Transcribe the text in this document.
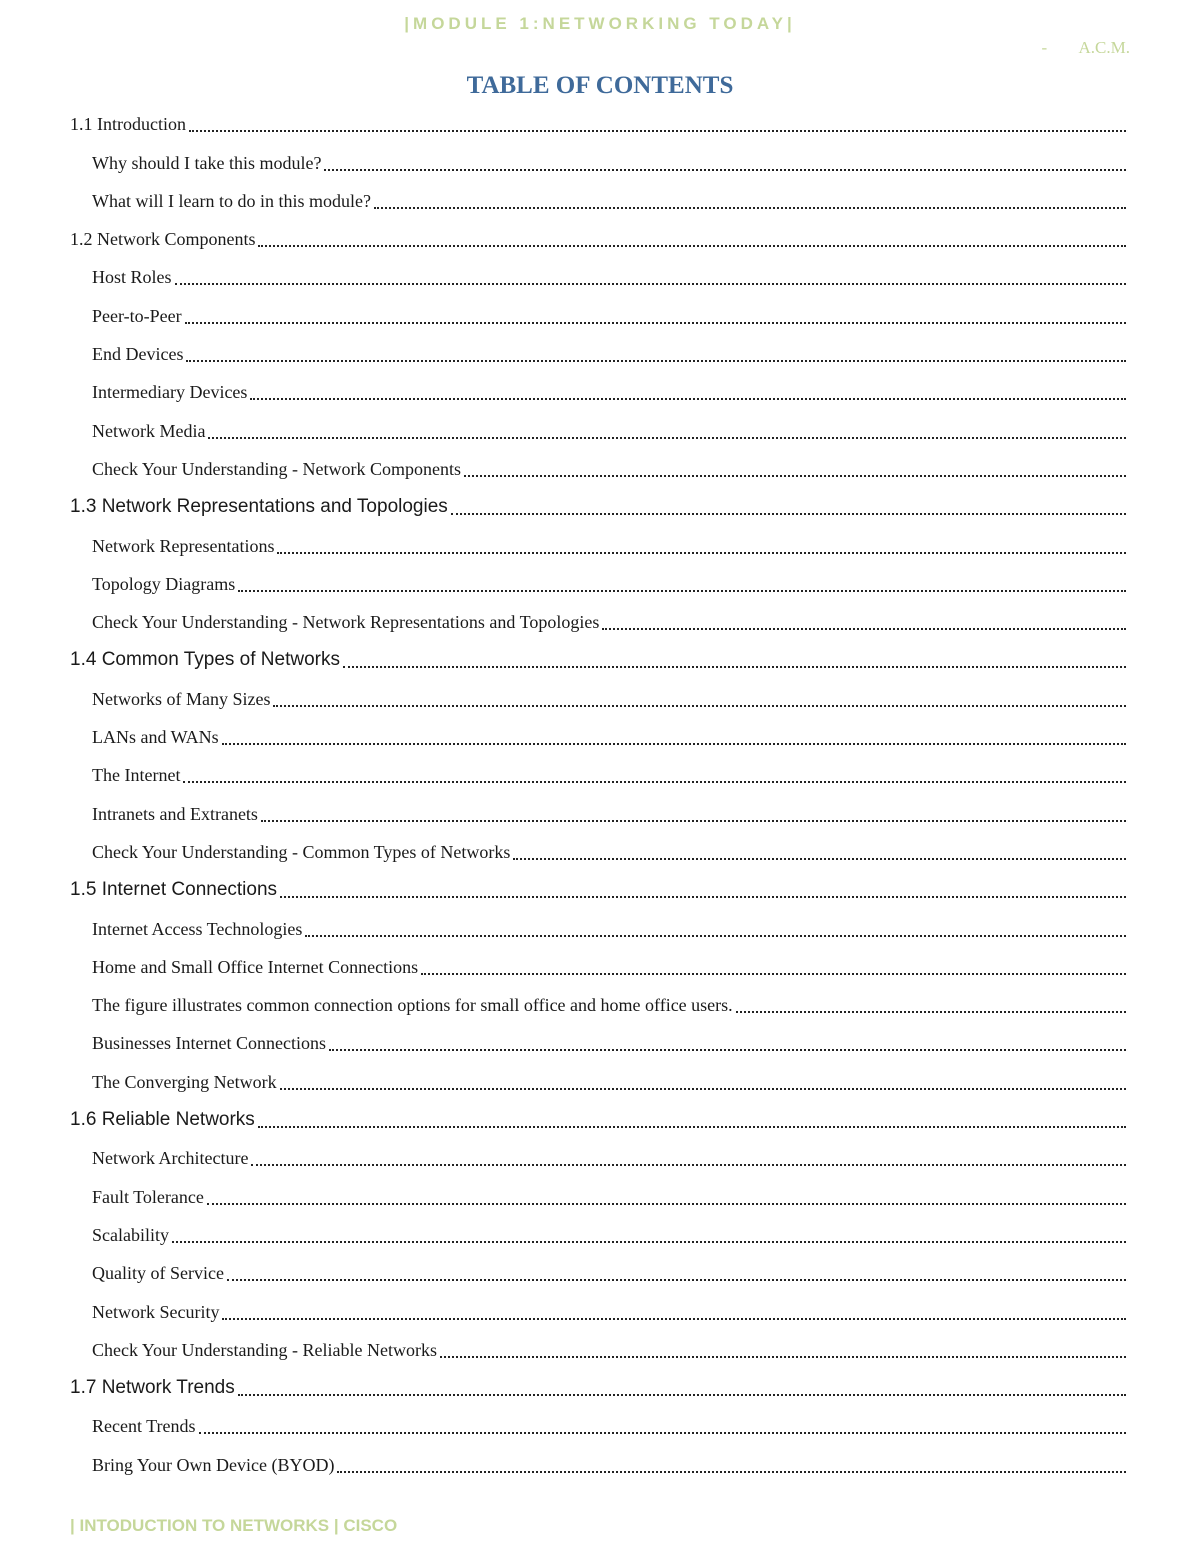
|MODULE 1:NETWORKING TODAY|
- A.C.M.
TABLE OF CONTENTS
1.1 Introduction
Why should I take this module?
What will I learn to do in this module?
1.2 Network Components
Host Roles
Peer-to-Peer
End Devices
Intermediary Devices
Network Media
Check Your Understanding - Network Components
1.3 Network Representations and Topologies
Network Representations
Topology Diagrams
Check Your Understanding - Network Representations and Topologies
1.4 Common Types of Networks
Networks of Many Sizes
LANs and WANs
The Internet
Intranets and Extranets
Check Your Understanding - Common Types of Networks
1.5 Internet Connections
Internet Access Technologies
Home and Small Office Internet Connections
The figure illustrates common connection options for small office and home office users.
Businesses Internet Connections
The Converging Network
1.6 Reliable Networks
Network Architecture
Fault Tolerance
Scalability
Quality of Service
Network Security
Check Your Understanding - Reliable Networks
1.7 Network Trends
Recent Trends
Bring Your Own Device (BYOD)
| INTODUCTION TO NETWORKS | CISCO
